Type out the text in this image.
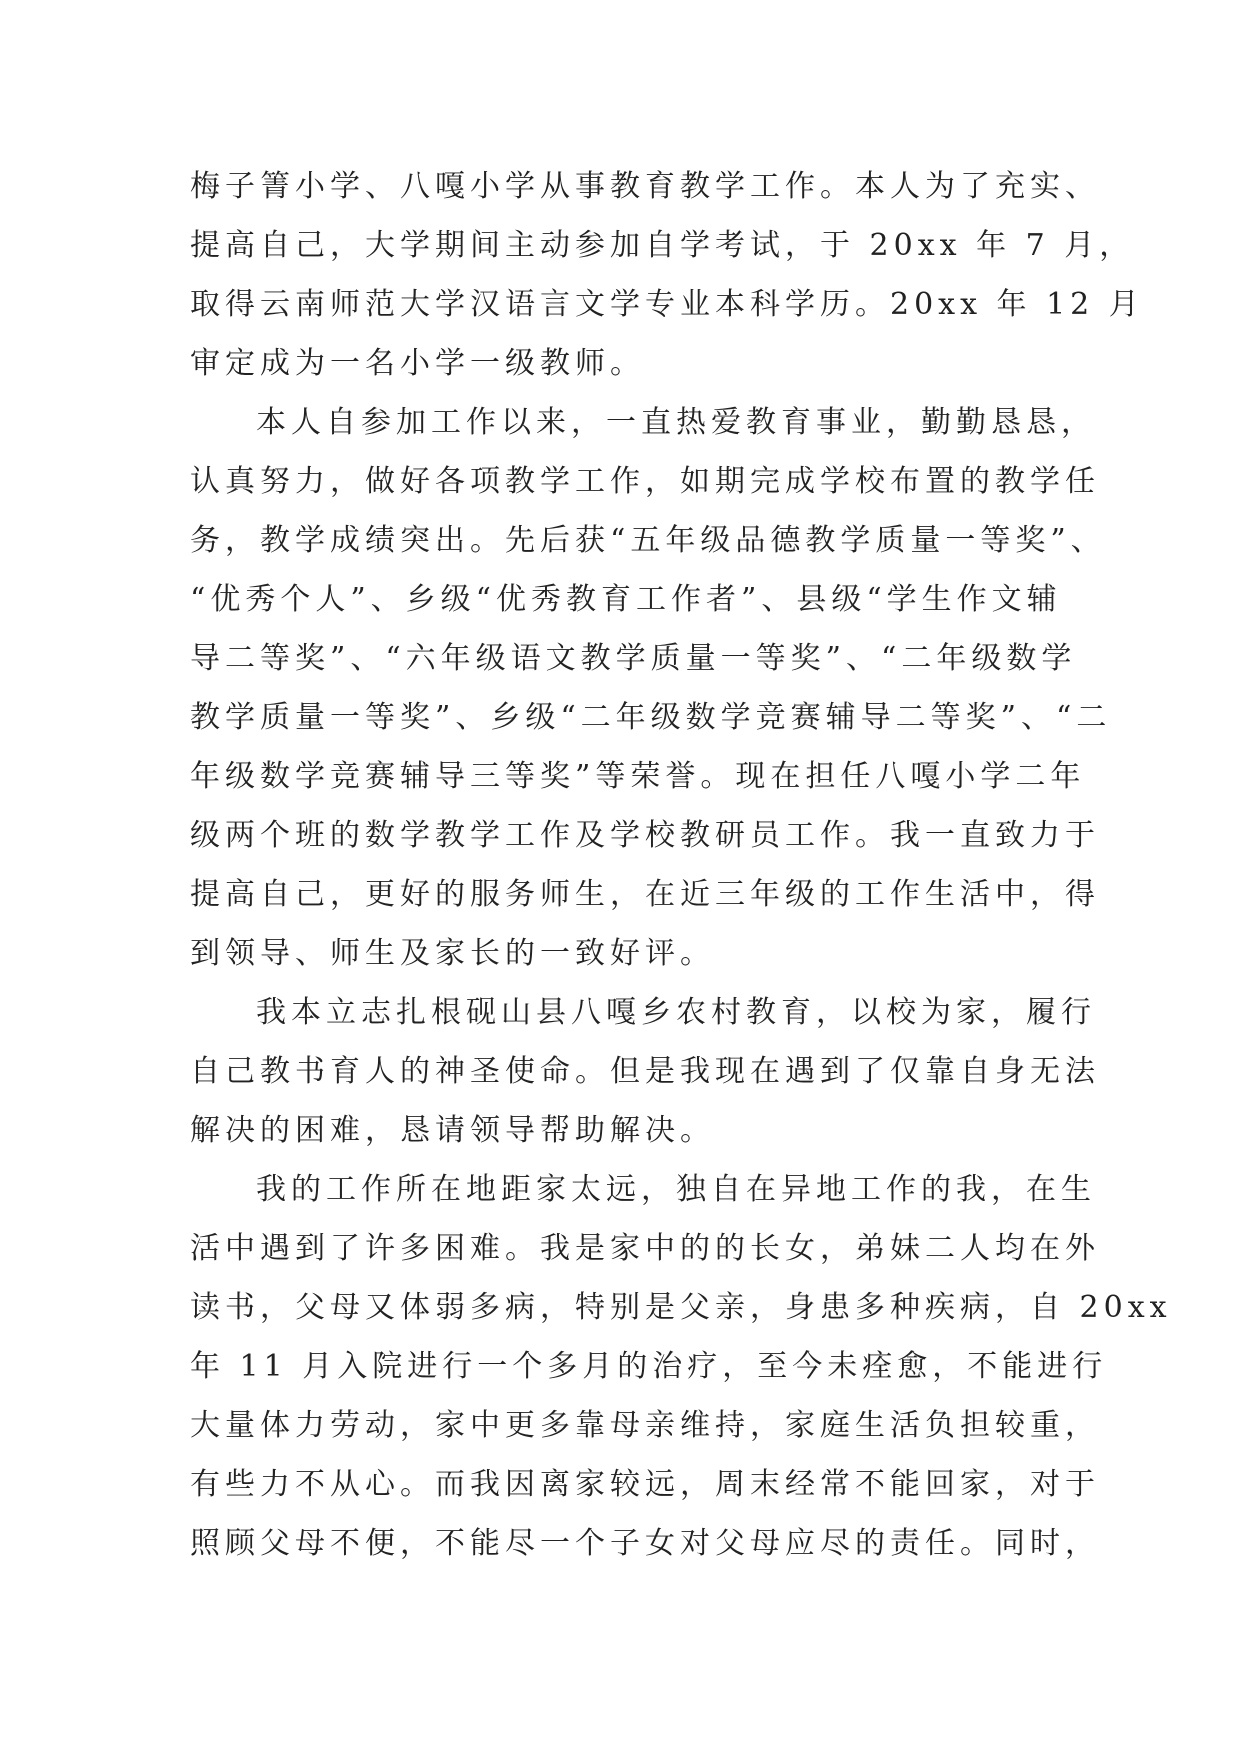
梅子箐小学、八嘎小学从事教育教学工作。本人为了充实、
提高自己，大学期间主动参加自学考试，于 20xx 年 7 月，
取得云南师范大学汉语言文学专业本科学历。20xx 年 12 月
审定成为一名小学一级教师。
本人自参加工作以来，一直热爱教育事业，勤勤恳恳，
认真努力，做好各项教学工作，如期完成学校布置的教学任
务，教学成绩突出。先后获“五年级品德教学质量一等奖”、
“优秀个人”、乡级“优秀教育工作者”、县级“学生作文辅
导二等奖”、“六年级语文教学质量一等奖”、“二年级数学
教学质量一等奖”、乡级“二年级数学竞赛辅导二等奖”、“二
年级数学竞赛辅导三等奖”等荣誉。现在担任八嘎小学二年
级两个班的数学教学工作及学校教研员工作。我一直致力于
提高自己，更好的服务师生，在近三年级的工作生活中，得
到领导、师生及家长的一致好评。
我本立志扎根砚山县八嘎乡农村教育，以校为家，履行
自己教书育人的神圣使命。但是我现在遇到了仅靠自身无法
解决的困难，恳请领导帮助解决。
我的工作所在地距家太远，独自在异地工作的我，在生
活中遇到了许多困难。我是家中的的长女，弟妹二人均在外
读书，父母又体弱多病，特别是父亲，身患多种疾病，自 20xx
年 11 月入院进行一个多月的治疗，至今未痊愈，不能进行
大量体力劳动，家中更多靠母亲维持，家庭生活负担较重，
有些力不从心。而我因离家较远，周末经常不能回家，对于
照顾父母不便，不能尽一个子女对父母应尽的责任。同时，
